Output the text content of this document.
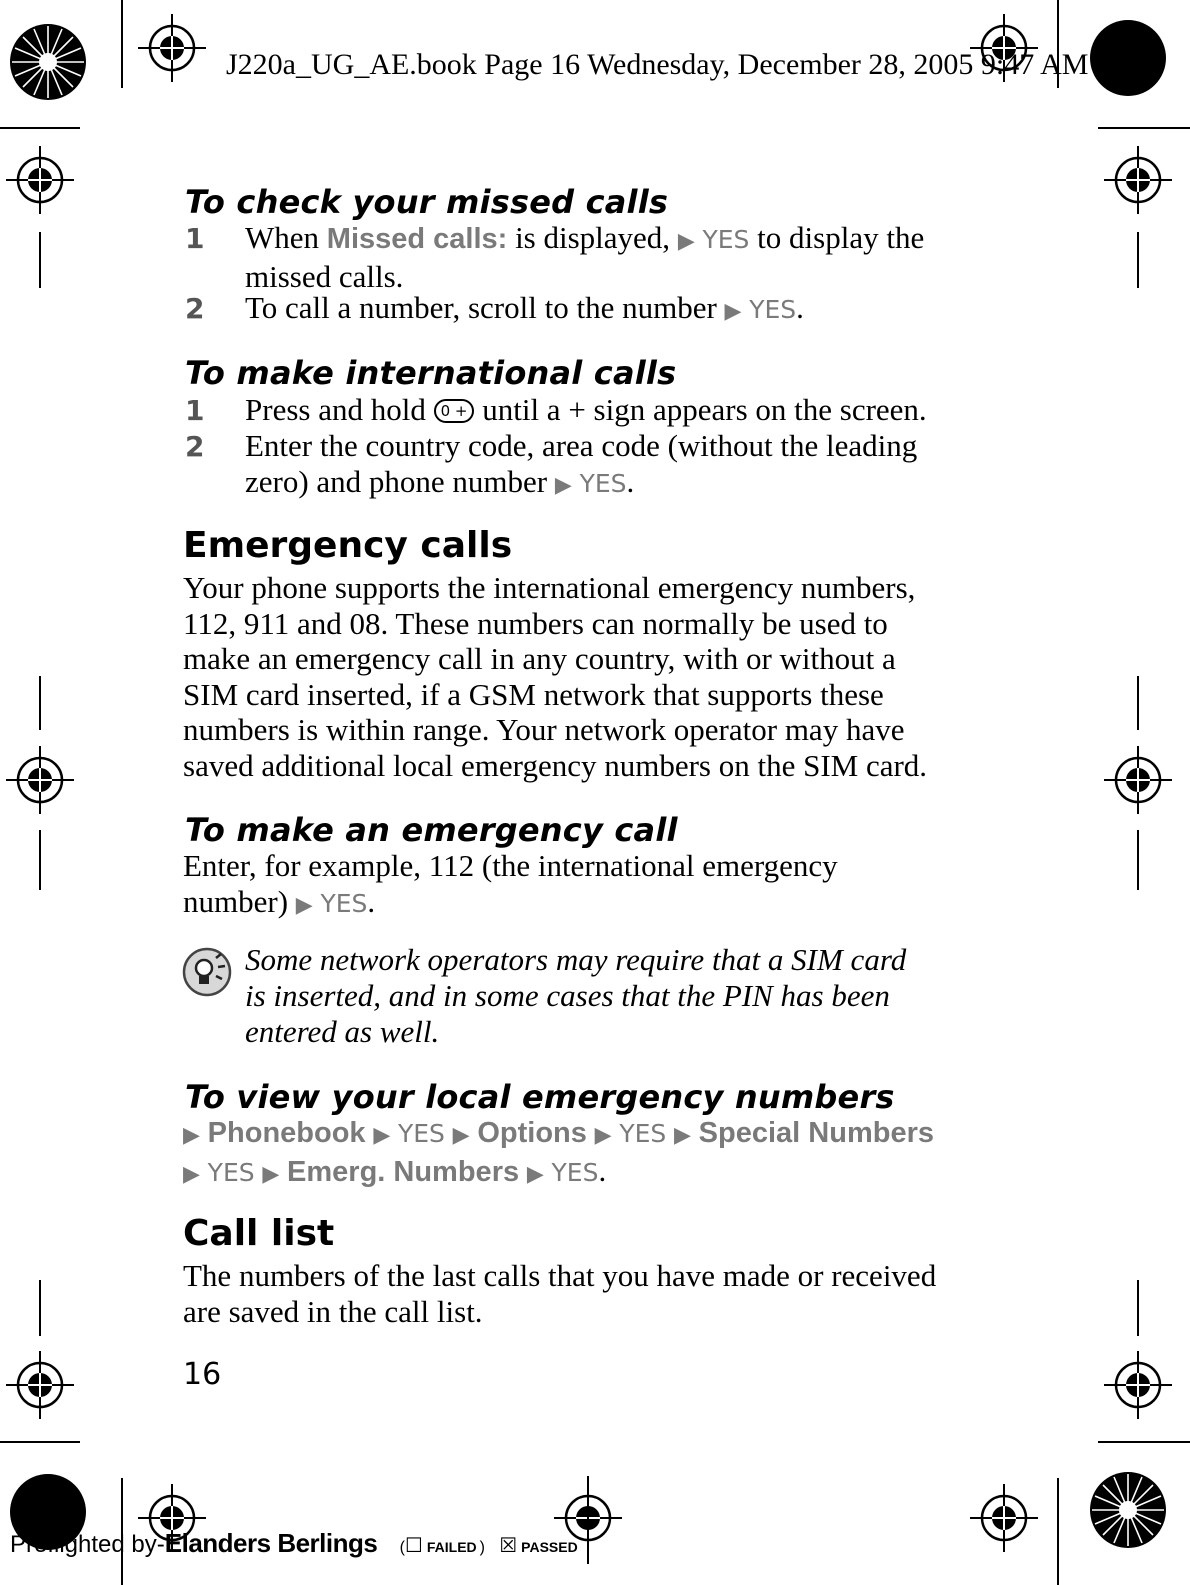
J220a_UG_AE.book Page 16 Wednesday, December 28, 2005 9:47 AM
To check your missed calls
1 When Missed calls: is displayed, ▶ YES to display the
missed calls.
2 To call a number, scroll to the number ▶ YES.
To make international calls
1 Press and hold 0 + until a + sign appears on the screen.
2 Enter the country code, area code (without the leading
zero) and phone number ▶ YES.
Emergency calls
Your phone supports the international emergency numbers,
112, 911 and 08. These numbers can normally be used to
make an emergency call in any country, with or without a
SIM card inserted, if a GSM network that supports these
numbers is within range. Your network operator may have
saved additional local emergency numbers on the SIM card.
To make an emergency call
Enter, for example, 112 (the international emergency
number) ▶ YES.
Some network operators may require that a SIM card
is inserted, and in some cases that the PIN has been
entered as well.
To view your local emergency numbers
▶ Phonebook ▶ YES ▶ Options ▶ YES ▶ Special Numbers
▶ YES ▶ Emerg. Numbers ▶ YES.
Call list
The numbers of the last calls that you have made or received
are saved in the call list.
16
Preflighted by-Elanders Berlings (☐ FAILED ) ☒ PASSED
